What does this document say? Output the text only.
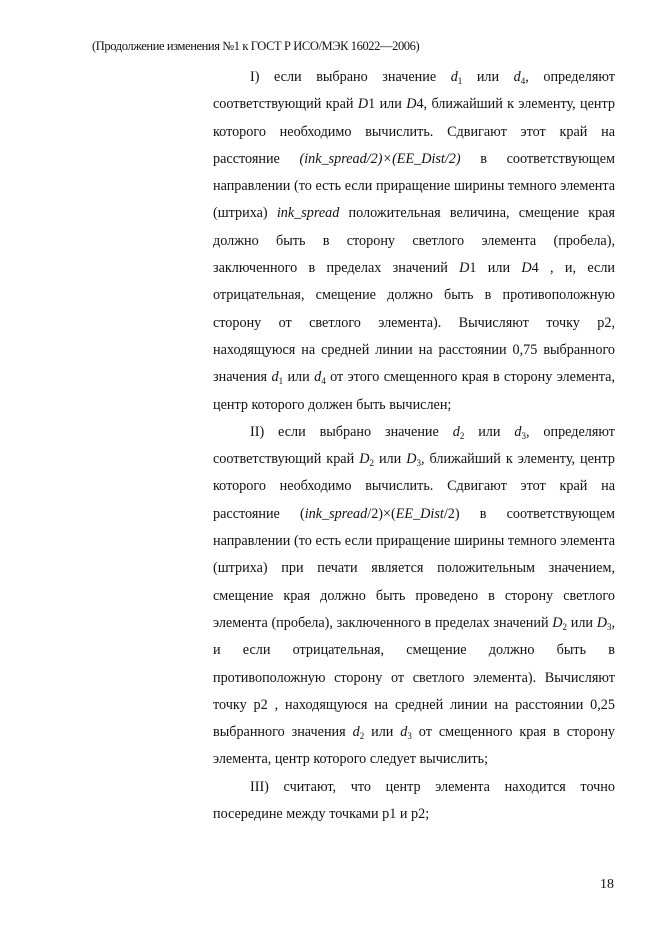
(Продолжение изменения №1 к ГОСТ Р ИСО/МЭК 16022—2006)

I) если выбрано значение $d_1$ или $d_4$, определяют соответствующий край D1 или D4, ближайший к элементу, центр которого необходимо вычислить. Сдвигают этот край на расстояние (ink_spread/2)×(EE_Dist/2) в соответствующем направлении (то есть если приращение ширины темного элемента (штриха) ink_spread положительная величина, смещение края должно быть в сторону светлого элемента (пробела), заключенного в пределах значений D1 или D4 , и, если отрицательная, смещение должно быть в противоположную сторону от светлого элемента). Вычисляют точку р2, находящуюся на средней линии на расстоянии 0,75 выбранного значения $d_1$ или $d_4$ от этого смещенного края в сторону элемента, центр которого должен быть вычислен;

II) если выбрано значение $d_2$ или $d_3$, определяют соответствующий край $D_2$ или $D_3$, ближайший к элементу, центр которого необходимо вычислить. Сдвигают этот край на расстояние (ink_spread/2)×(EE_Dist/2) в соответствующем направлении (то есть если приращение ширины темного элемента (штриха) при печати является положительным значением, смещение края должно быть проведено в сторону светлого элемента (пробела), заключенного в пределах значений $D_2$ или $D_3$, и если отрицательная, смещение должно быть в противоположную сторону от светлого элемента). Вычисляют точку р2 , находящуюся на средней линии на расстоянии 0,25 выбранного значения $d_2$ или $d_3$ от смещенного края в сторону элемента, центр которого следует вычислить;

III) считают, что центр элемента находится точно посередине между точками р1 и р2;

18
